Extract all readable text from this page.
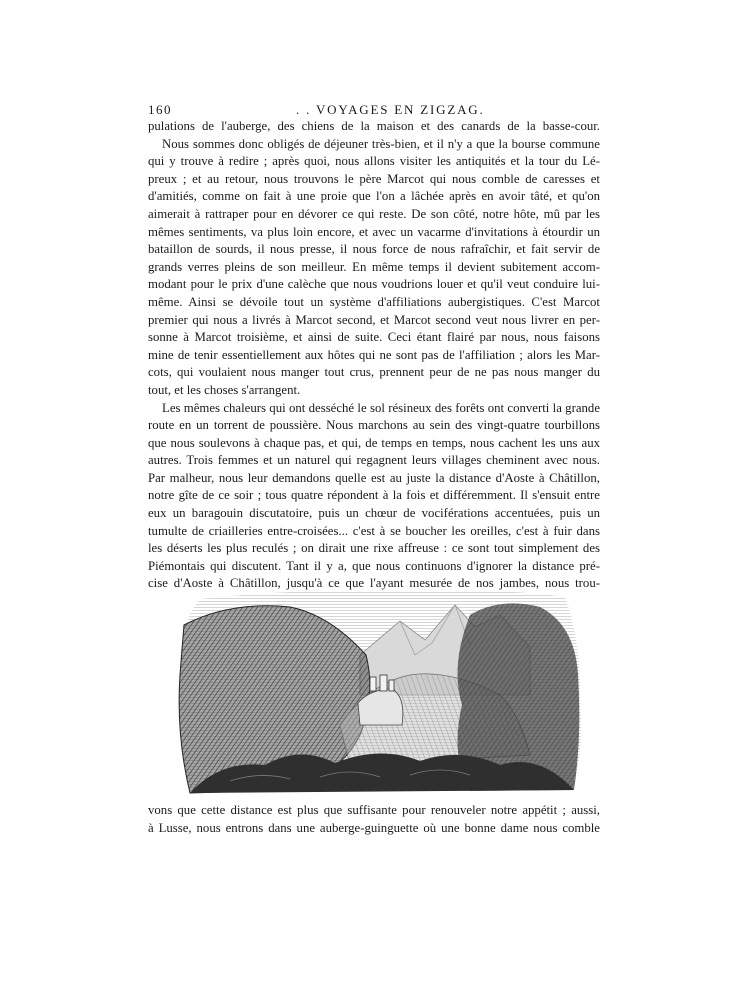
160	. . VOYAGES EN ZIGZAG.
pulations de l'auberge, des chiens de la maison et des canards de la basse-cour.
Nous sommes donc obligés de déjeuner très-bien, et il n'y a que la bourse commune
qui y trouve à redire ; après quoi, nous allons visiter les antiquités et la tour du Lé-
preux ; et au retour, nous trouvons le père Marcot qui nous comble de caresses et
d'amitiés, comme on fait à une proie que l'on a lâchée après en avoir tâté, et qu'on
aimerait à rattraper pour en dévorer ce qui reste. De son côté, notre hôte, mû par les
mêmes sentiments, va plus loin encore, et avec un vacarme d'invitations à étourdir un
bataillon de sourds, il nous presse, il nous force de nous rafraîchir, et fait servir de
grands verres pleins de son meilleur. En même temps il devient subitement accom-
modant pour le prix d'une calèche que nous voudrions louer et qu'il veut conduire lui-
même. Ainsi se dévoile tout un système d'affiliations aubergistiques. C'est Marcot
premier qui nous a livrés à Marcot second, et Marcot second veut nous livrer en per-
sonne à Marcot troisième, et ainsi de suite. Ceci étant flairé par nous, nous faisons
mine de tenir essentiellement aux hôtes qui ne sont pas de l'affiliation ; alors les Mar-
cots, qui voulaient nous manger tout crus, prennent peur de ne pas nous manger du
tout, et les choses s'arrangent.
Les mêmes chaleurs qui ont desséché le sol résineux des forêts ont converti la grande
route en un torrent de poussière. Nous marchons au sein des vingt-quatre tourbillons
que nous soulevons à chaque pas, et qui, de temps en temps, nous cachent les uns aux
autres. Trois femmes et un naturel qui regagnent leurs villages cheminent avec nous.
Par malheur, nous leur demandons quelle est au juste la distance d'Aoste à Châtillon,
notre gîte de ce soir ; tous quatre répondent à la fois et différemment. Il s'ensuit entre
eux un baragouin discutatoire, puis un chœur de vociférations accentuées, puis un
tumulte de criailleries entre-croisées... c'est à se boucher les oreilles, c'est à fuir dans
les déserts les plus reculés ; on dirait une rixe affreuse : ce sont tout simplement des
Piémontais qui discutent. Tant il y a, que nous continuons d'ignorer la distance pré-
cise d'Aoste à Châtillon, jusqu'à ce que l'ayant mesurée de nos jambes, nous trou-
vons que cette distance est plus que suffisante pour renouveler notre appétit ; aussi,
à Lusse, nous entrons dans une auberge-guinguette où une bonne dame nous comble
